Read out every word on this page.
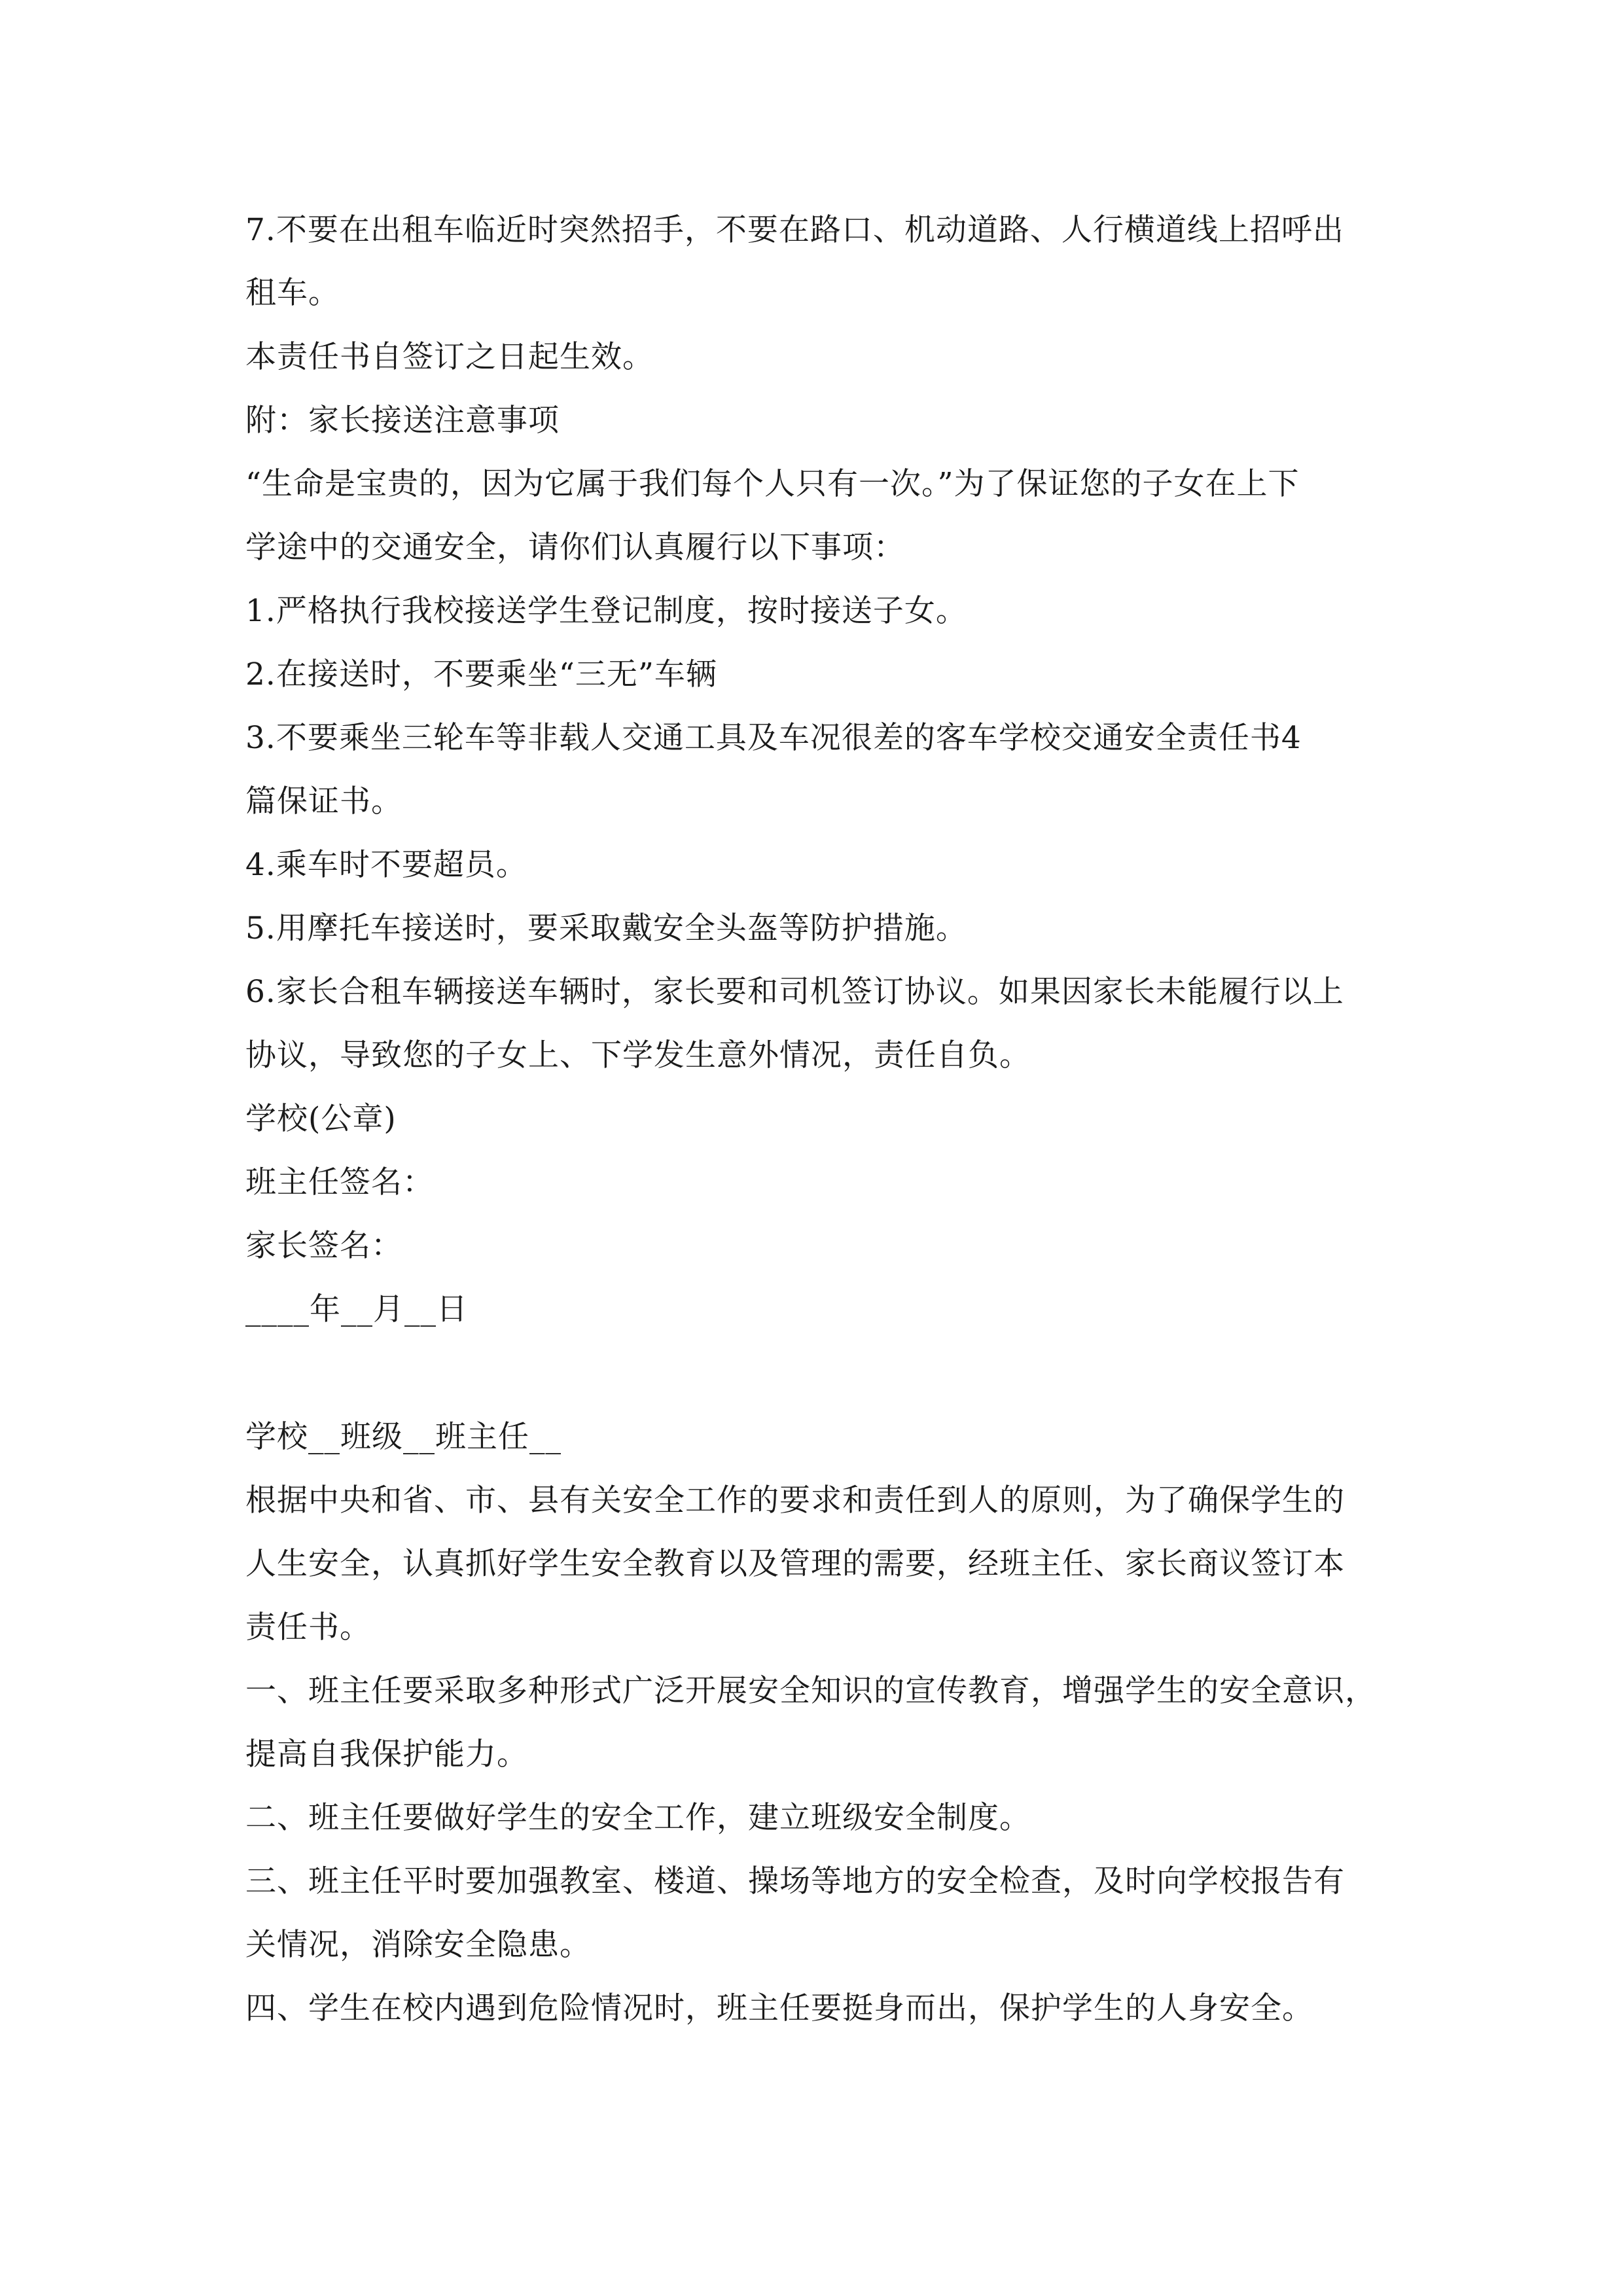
7.不要在出租车临近时突然招手，不要在路口、机动道路、人行横道线上招呼出
租车。
本责任书自签订之日起生效。
附：家长接送注意事项
“生命是宝贵的，因为它属于我们每个人只有一次。”为了保证您的子女在上下
学途中的交通安全，请你们认真履行以下事项：
1.严格执行我校接送学生登记制度，按时接送子女。
2.在接送时，不要乘坐“三无”车辆
3.不要乘坐三轮车等非载人交通工具及车况很差的客车学校交通安全责任书4
篇保证书。
4.乘车时不要超员。
5.用摩托车接送时，要采取戴安全头盔等防护措施。
6.家长合租车辆接送车辆时，家长要和司机签订协议。如果因家长未能履行以上
协议，导致您的子女上、下学发生意外情况，责任自负。
学校(公章)
班主任签名：
家长签名：
____年__月__日
学校__班级__班主任__
根据中央和省、市、县有关安全工作的要求和责任到人的原则，为了确保学生的
人生安全，认真抓好学生安全教育以及管理的需要，经班主任、家长商议签订本
责任书。
一、班主任要采取多种形式广泛开展安全知识的宣传教育，增强学生的安全意识，
提高自我保护能力。
二、班主任要做好学生的安全工作，建立班级安全制度。
三、班主任平时要加强教室、楼道、操场等地方的安全检查，及时向学校报告有
关情况，消除安全隐患。
四、学生在校内遇到危险情况时，班主任要挺身而出，保护学生的人身安全。
